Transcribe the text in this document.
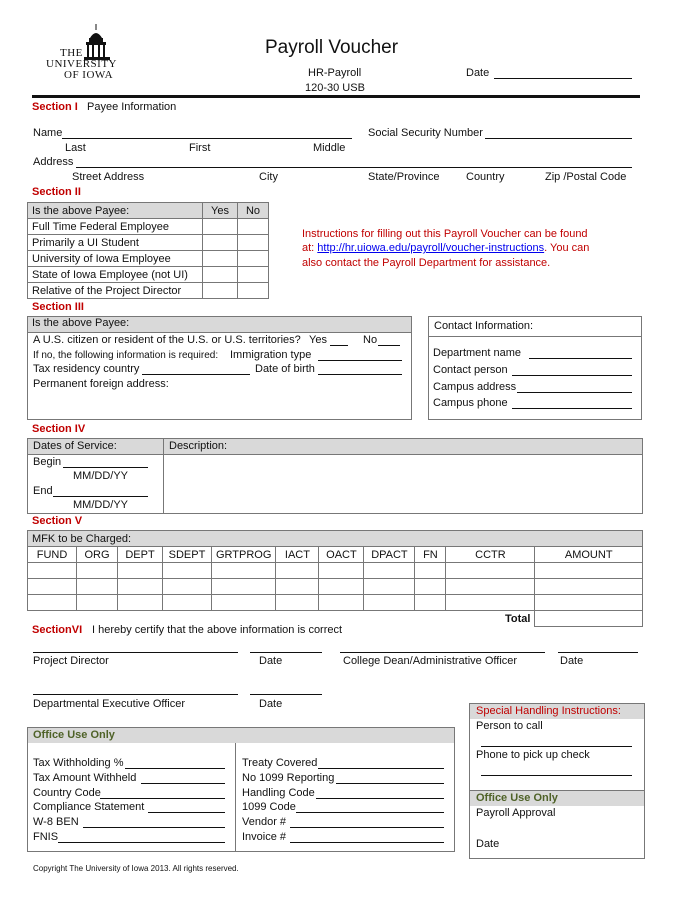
THE
UNIVERSITY
OF IOWA
Payroll Voucher
HR-Payroll
120-30 USB
Date
Section I Payee Information
Name	Social Security Number
Last	First	Middle
Address
Street Address	City	State/Province Country	Zip /Postal Code
Section II
Is the above Payee:	Yes	No
Full Time Federal Employee		
Primarily a UI Student		
University of Iowa Employee		
State of Iowa Employee (not UI)		
Relative of the Project Director		
Instructions for filling out this Payroll Voucher can be found
at: http://hr.uiowa.edu/payroll/voucher-instructions. You can
also contact the Payroll Department for assistance.
Section III
Is the above Payee:
A U.S. citizen or resident of the U.S. or U.S. territories? Yes	No
If no, the following information is required: Immigration type
Tax residency country	Date of birth
Permanent foreign address:
Contact Information:
Department name
Contact person
Campus address
Campus phone
Section IV
Dates of Service:	Description:
Begin
MM/DD/YY
End
MM/DD/YY
Section V
MFK to be Charged:										
FUND	ORG	DEPT	SDEPT	GRTPROG	IACT	OACT	DPACT	FN	CCTR	AMOUNT

Total										
SectionVI I hereby certify that the above information is correct
Project Director	Date	College Dean/Administrative Officer	Date
Departmental Executive Officer	Date
Office Use Only
Tax Withholding %
Tax Amount Withheld
Country Code
Compliance Statement
W-8 BEN
FNIS
Treaty Covered
No 1099 Reporting
Handling Code
1099 Code
Vendor #
Invoice #
Special Handling Instructions:
Person to call
Phone to pick up check
Office Use Only
Payroll Approval
Date
Copyright The University of Iowa 2013. All rights reserved.
